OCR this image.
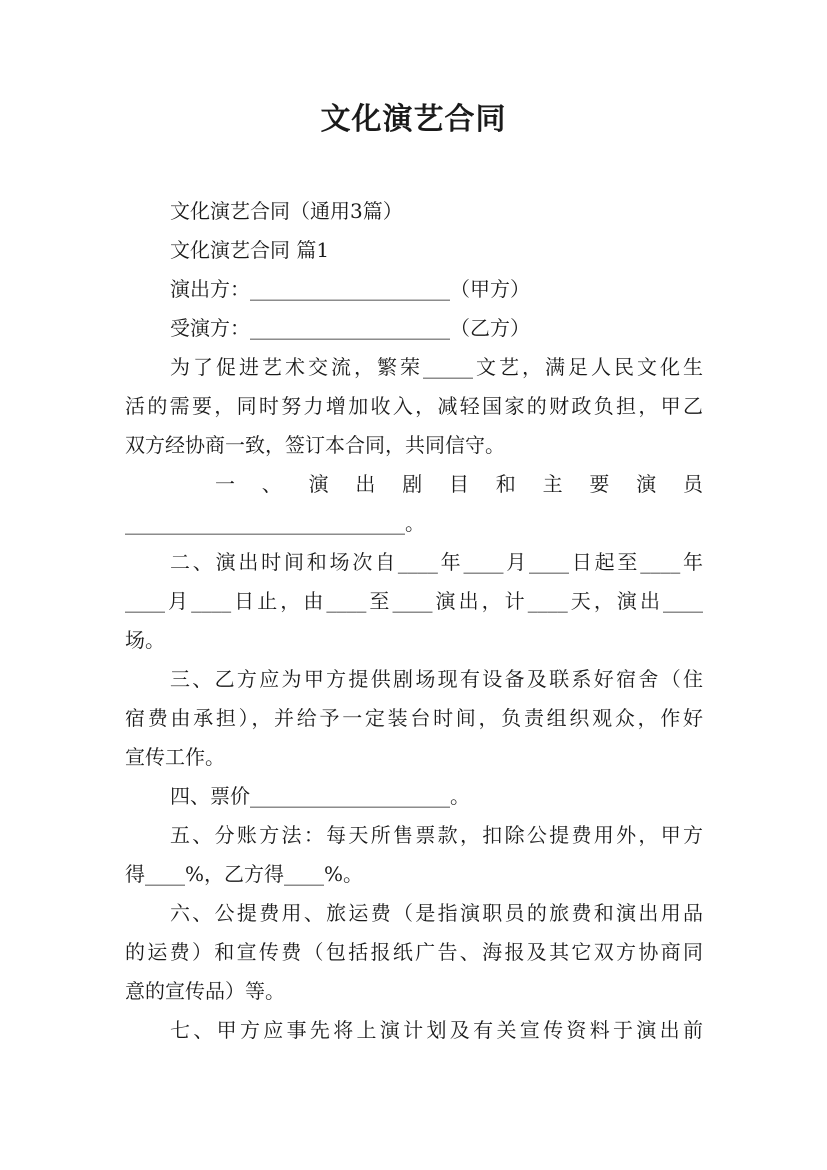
文化演艺合同
文化演艺合同（通用3篇）
文化演艺合同 篇1
演出方：____________________（甲方）
受演方：____________________（乙方）
为了促进艺术交流，繁荣_____文艺，满足人民文化生
活的需要，同时努力增加收入，减轻国家的财政负担，甲乙
双方经协商一致，签订本合同，共同信守。
一、演出剧目和主要演员
____________________________。
二、演出时间和场次自____年____月____日起至____年
____月____日止，由____至____演出，计____天，演出____
场。
三、乙方应为甲方提供剧场现有设备及联系好宿舍（住
宿费由承担），并给予一定装台时间，负责组织观众，作好
宣传工作。
四、票价____________________。
五、分账方法：每天所售票款，扣除公提费用外，甲方
得____%，乙方得____%。
六、公提费用、旅运费（是指演职员的旅费和演出用品
的运费）和宣传费（包括报纸广告、海报及其它双方协商同
意的宣传品）等。
七、甲方应事先将上演计划及有关宣传资料于演出前
